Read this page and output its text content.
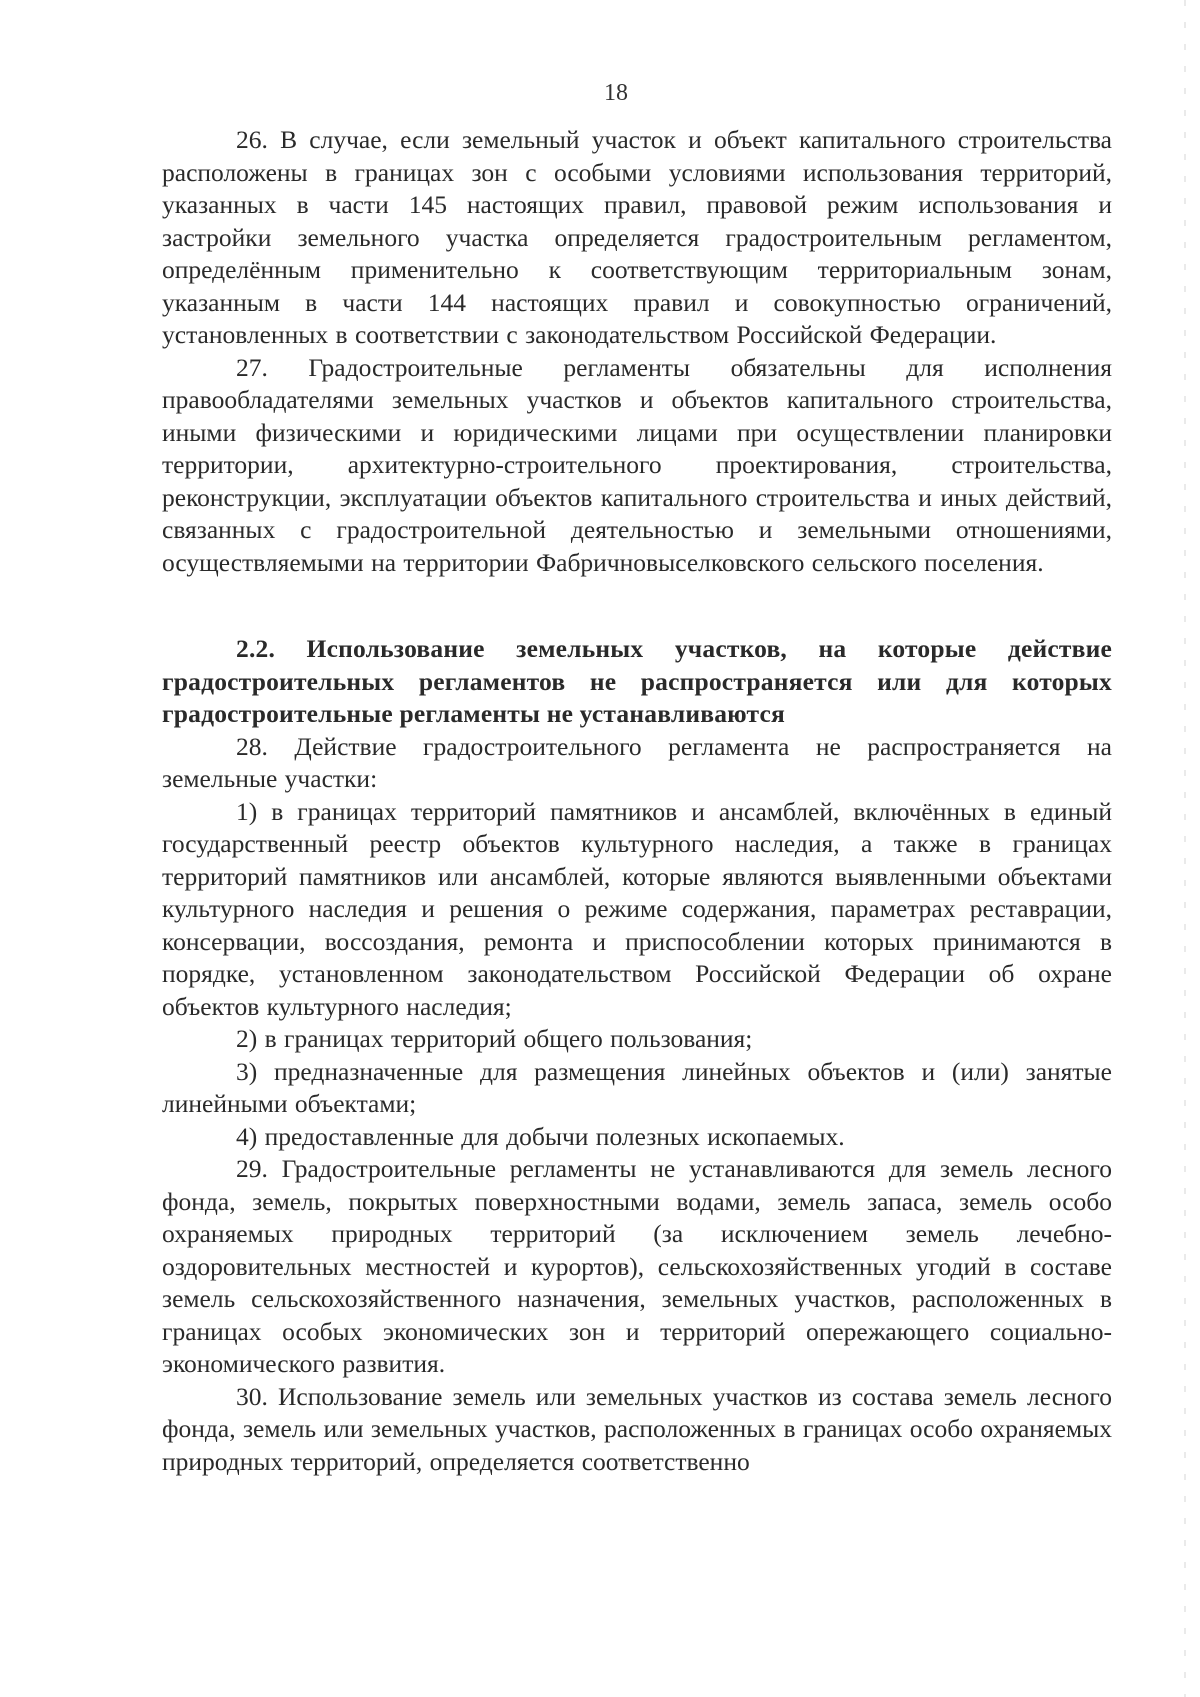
18

26. В случае, если земельный участок и объект капитального строительства расположены в границах зон с особыми условиями использования территорий, указанных в части 145 настоящих правил, правовой режим использования и застройки земельного участка определяется градостроительным регламентом, определённым применительно к соответствующим территориальным зонам, указанным в части 144 настоящих правил и совокупностью ограничений, установленных в соответствии с законодательством Российской Федерации.

27. Градостроительные регламенты обязательны для исполнения правообладателями земельных участков и объектов капитального строительства, иными физическими и юридическими лицами при осуществлении планировки территории, архитектурно-строительного проектирования, строительства, реконструкции, эксплуатации объектов капитального строительства и иных действий, связанных с градостроительной деятельностью и земельными отношениями, осуществляемыми на территории Фабричновыселковского сельского поселения.

2.2. Использование земельных участков, на которые действие градостроительных регламентов не распространяется или для которых градостроительные регламенты не устанавливаются

28. Действие градостроительного регламента не распространяется на земельные участки:

1) в границах территорий памятников и ансамблей, включённых в единый государственный реестр объектов культурного наследия, а также в границах территорий памятников или ансамблей, которые являются выявленными объектами культурного наследия и решения о режиме содержания, параметрах реставрации, консервации, воссоздания, ремонта и приспособлении которых принимаются в порядке, установленном законодательством Российской Федерации об охране объектов культурного наследия;

2) в границах территорий общего пользования;

3) предназначенные для размещения линейных объектов и (или) занятые линейными объектами;

4) предоставленные для добычи полезных ископаемых.

29. Градостроительные регламенты не устанавливаются для земель лесного фонда, земель, покрытых поверхностными водами, земель запаса, земель особо охраняемых природных территорий (за исключением земель лечебно-оздоровительных местностей и курортов), сельскохозяйственных угодий в составе земель сельскохозяйственного назначения, земельных участков, расположенных в границах особых экономических зон и территорий опережающего социально-экономического развития.

30. Использование земель или земельных участков из состава земель лесного фонда, земель или земельных участков, расположенных в границах особо охраняемых природных территорий, определяется соответственно
